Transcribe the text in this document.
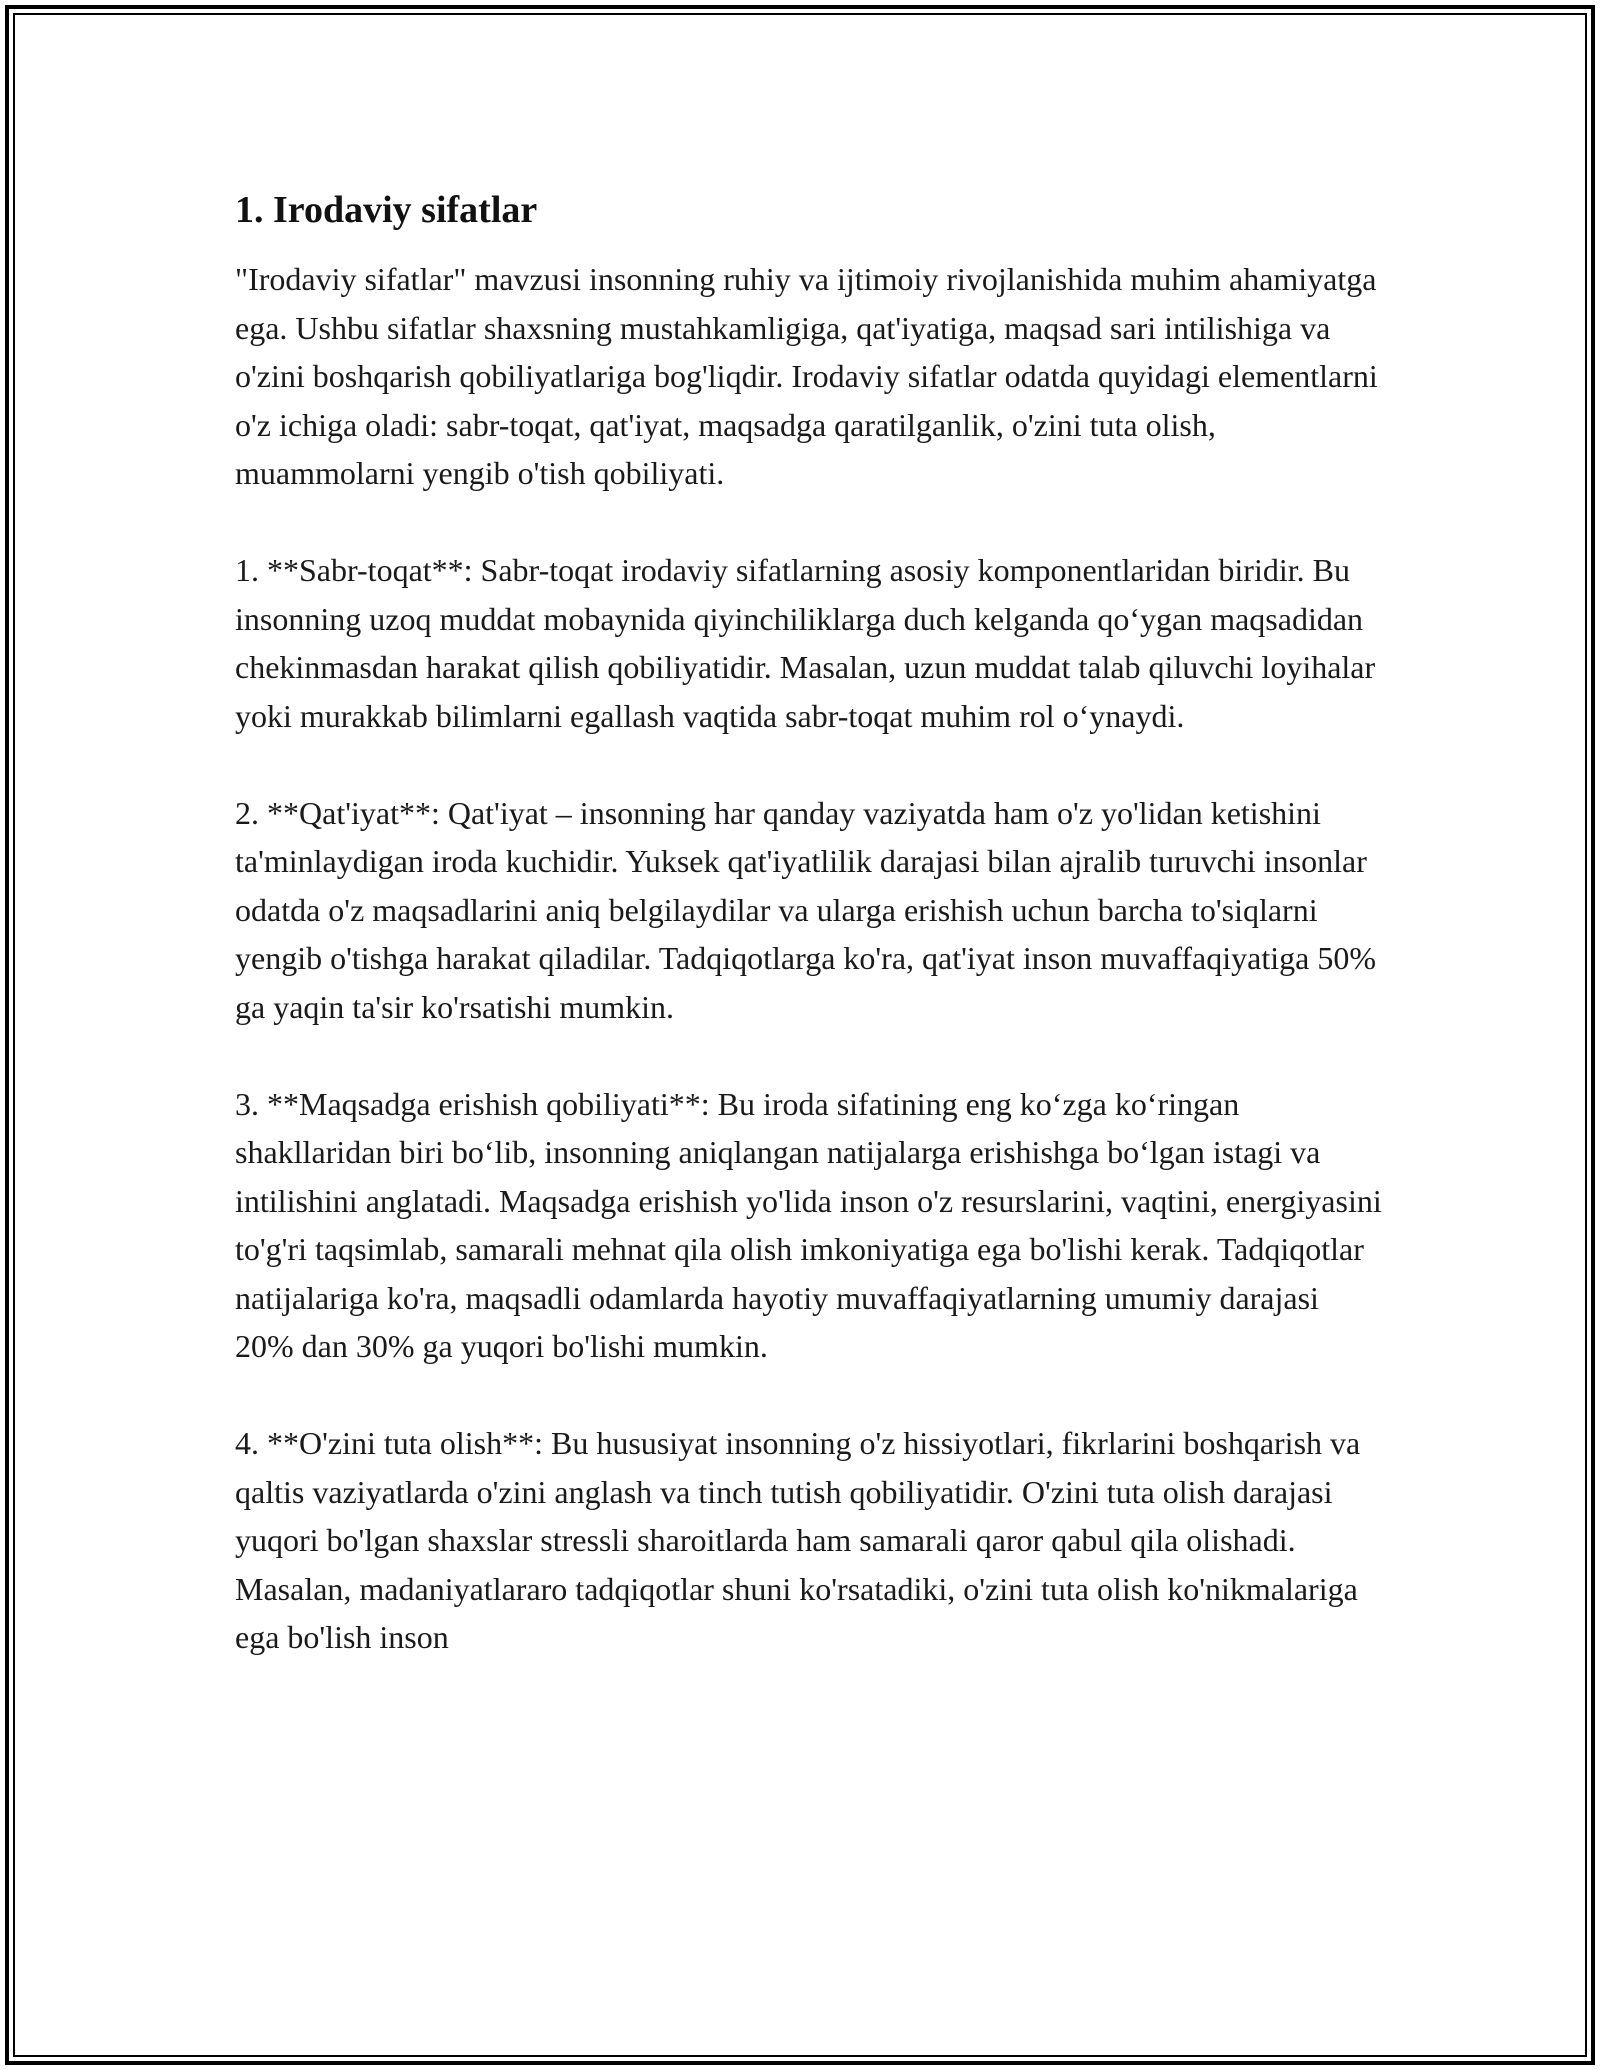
1. Irodaviy sifatlar

"Irodaviy sifatlar" mavzusi insonning ruhiy va ijtimoiy rivojlanishida muhim ahamiyatga ega. Ushbu sifatlar shaxsning mustahkamligiga, qat'iyatiga, maqsad sari intilishiga va o'zini boshqarish qobiliyatlariga bog'liqdir. Irodaviy sifatlar odatda quyidagi elementlarni o'z ichiga oladi: sabr-toqat, qat'iyat, maqsadga qaratilganlik, o'zini tuta olish, muammolarni yengib o'tish qobiliyati.

1. **Sabr-toqat**: Sabr-toqat irodaviy sifatlarning asosiy komponentlaridan biridir. Bu insonning uzoq muddat mobaynida qiyinchiliklarga duch kelganda qo‘ygan maqsadidan chekinmasdan harakat qilish qobiliyatidir. Masalan, uzun muddat talab qiluvchi loyihalar yoki murakkab bilimlarni egallash vaqtida sabr-toqat muhim rol o‘ynaydi.

2. **Qat'iyat**: Qat'iyat – insonning har qanday vaziyatda ham o'z yo'lidan ketishini ta'minlaydigan iroda kuchidir. Yuksek qat'iyatlilik darajasi bilan ajralib turuvchi insonlar odatda o'z maqsadlarini aniq belgilaydilar va ularga erishish uchun barcha to'siqlarni yengib o'tishga harakat qiladilar. Tadqiqotlarga ko'ra, qat'iyat inson muvaffaqiyatiga 50% ga yaqin ta'sir ko'rsatishi mumkin.

3. **Maqsadga erishish qobiliyati**: Bu iroda sifatining eng ko‘zga ko‘ringan shakllaridan biri bo‘lib, insonning aniqlangan natijalarga erishishga bo‘lgan istagi va intilishini anglatadi. Maqsadga erishish yo'lida inson o'z resurslarini, vaqtini, energiyasini to'g'ri taqsimlab, samarali mehnat qila olish imkoniyatiga ega bo'lishi kerak. Tadqiqotlar natijalariga ko'ra, maqsadli odamlarda hayotiy muvaffaqiyatlarning umumiy darajasi 20% dan 30% ga yuqori bo'lishi mumkin.

4. **O'zini tuta olish**: Bu hususiyat insonning o'z hissiyotlari, fikrlarini boshqarish va qaltis vaziyatlarda o'zini anglash va tinch tutish qobiliyatidir. O'zini tuta olish darajasi yuqori bo'lgan shaxslar stressli sharoitlarda ham samarali qaror qabul qila olishadi. Masalan, madaniyatlararo tadqiqotlar shuni ko'rsatadiki, o'zini tuta olish ko'nikmalariga ega bo'lish inson
